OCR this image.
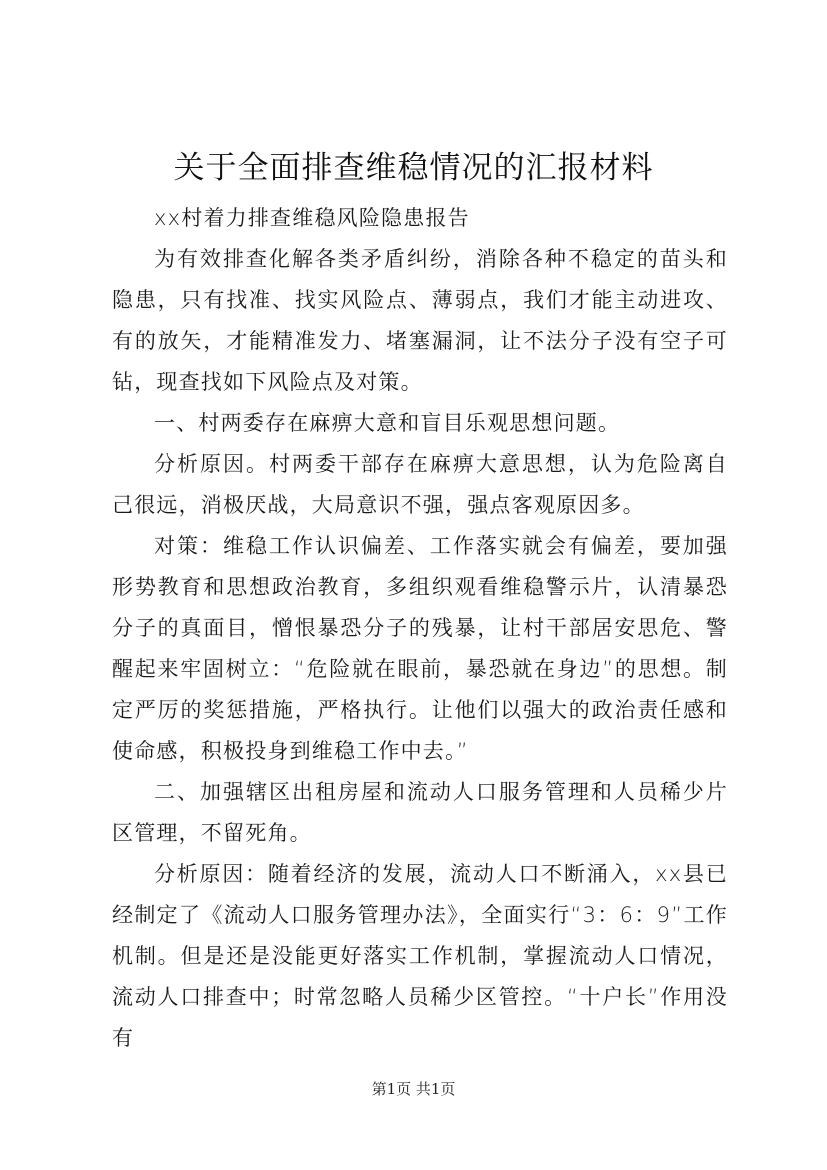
关于全面排查维稳情况的汇报材料

xx村着力排查维稳风险隐患报告

为有效排查化解各类矛盾纠纷，消除各种不稳定的苗头和隐患，只有找准、找实风险点、薄弱点，我们才能主动进攻、有的放矢，才能精准发力、堵塞漏洞，让不法分子没有空子可钻，现查找如下风险点及对策。

一、村两委存在麻痹大意和盲目乐观思想问题。

分析原因。村两委干部存在麻痹大意思想，认为危险离自己很远，消极厌战，大局意识不强，强点客观原因多。

对策：维稳工作认识偏差、工作落实就会有偏差，要加强形势教育和思想政治教育，多组织观看维稳警示片，认清暴恐分子的真面目，憎恨暴恐分子的残暴，让村干部居安思危、警醒起来牢固树立：“危险就在眼前，暴恐就在身边”的思想。制定严厉的奖惩措施，严格执行。让他们以强大的政治责任感和使命感，积极投身到维稳工作中去。”

二、加强辖区出租房屋和流动人口服务管理和人员稀少片区管理，不留死角。

分析原因：随着经济的发展，流动人口不断涌入，xx县已经制定了《流动人口服务管理办法》，全面实行“3：6：9”工作机制。但是还是没能更好落实工作机制，掌握流动人口情况，流动人口排查中；时常忽略人员稀少区管控。“十户长”作用没有

第1页 共1页
